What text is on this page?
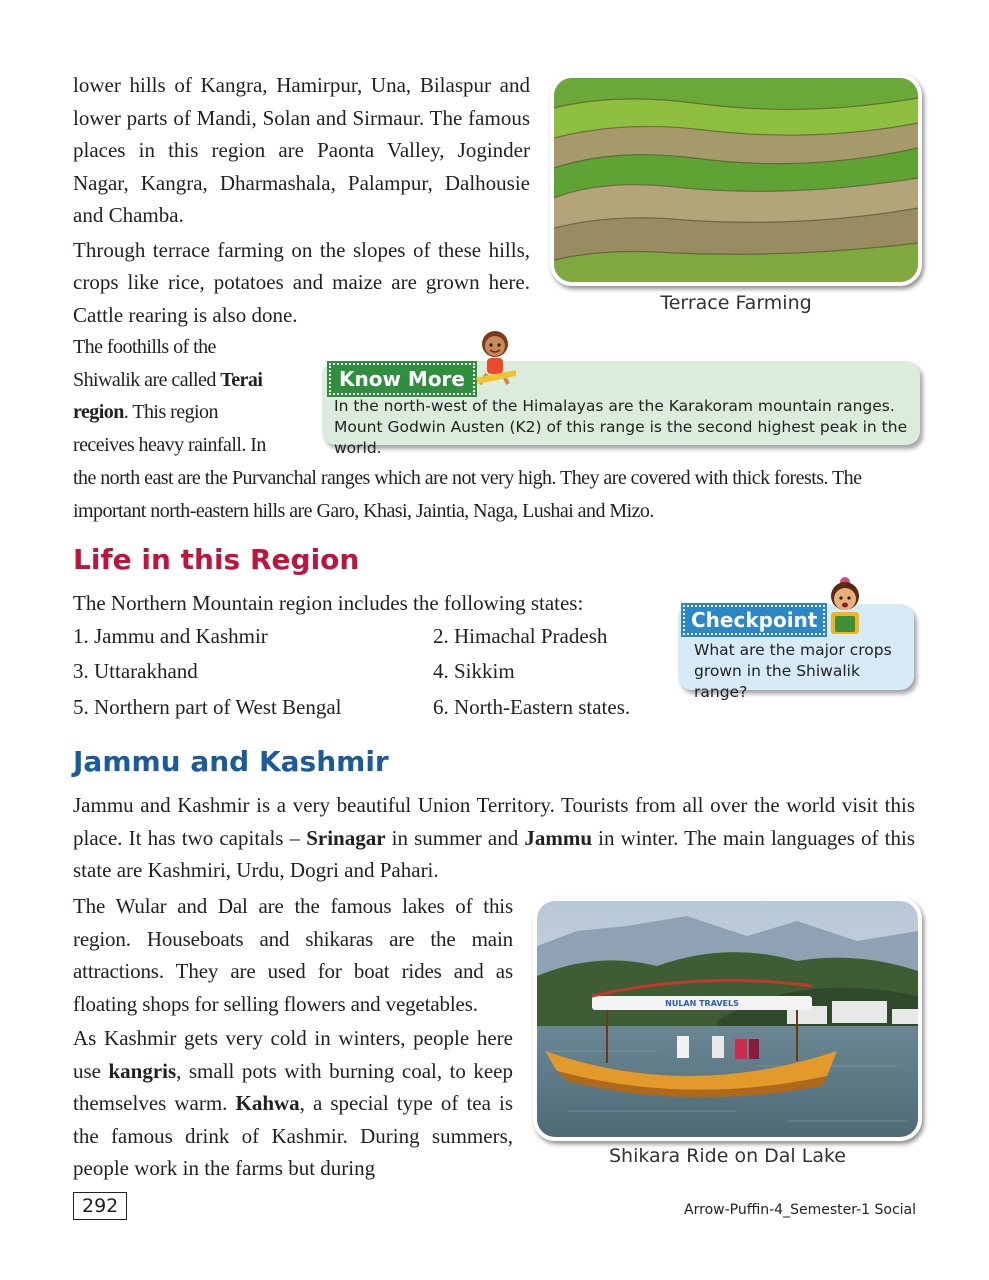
lower hills of Kangra, Hamirpur, Una, Bilaspur and lower parts of Mandi, Solan and Sirmaur. The famous places in this region are Paonta Valley, Joginder Nagar, Kangra, Dharmashala, Palampur, Dalhousie and Chamba.

Through terrace farming on the slopes of these hills, crops like rice, potatoes and maize are grown here. Cattle rearing is also done.	Terrace Farming
The foothills of the
Shiwalik are called Terai
region. This region
receives heavy rainfall. In
Know More
In the north-west of the Himalayas are the Karakoram mountain ranges. Mount Godwin Austen (K2) of this range is the second highest peak in the world.

the north east are the Purvanchal ranges which are not very high. They are covered with thick forests. The important north-eastern hills are Garo, Khasi, Jaintia, Naga, Lushai and Mizo.

Life in this Region
The Northern Mountain region includes the following states:
1. Jammu and Kashmir	2. Himachal Pradesh
3. Uttarakhand	4. Sikkim
5. Northern part of West Bengal	6. North-Eastern states.
Checkpoint
What are the major crops grown in the Shiwalik range?
Jammu and Kashmir

Jammu and Kashmir is a very beautiful Union Territory. Tourists from all over the world visit this place. It has two capitals – Srinagar in summer and Jammu in winter. The main languages of this state are Kashmiri, Urdu, Dogri and Pahari.

The Wular and Dal are the famous lakes of this region. Houseboats and shikaras are the main attractions. They are used for boat rides and as floating shops for selling flowers and vegetables.

As Kashmir gets very cold in winters, people here use kangris, small pots with burning coal, to keep themselves warm. Kahwa, a special type of tea is the famous drink of Kashmir. During summers, people work in the farms but during

NULAN TRAVELS
Shikara Ride on Dal Lake
292	Arrow-Puffin-4_Semester-1 Social
